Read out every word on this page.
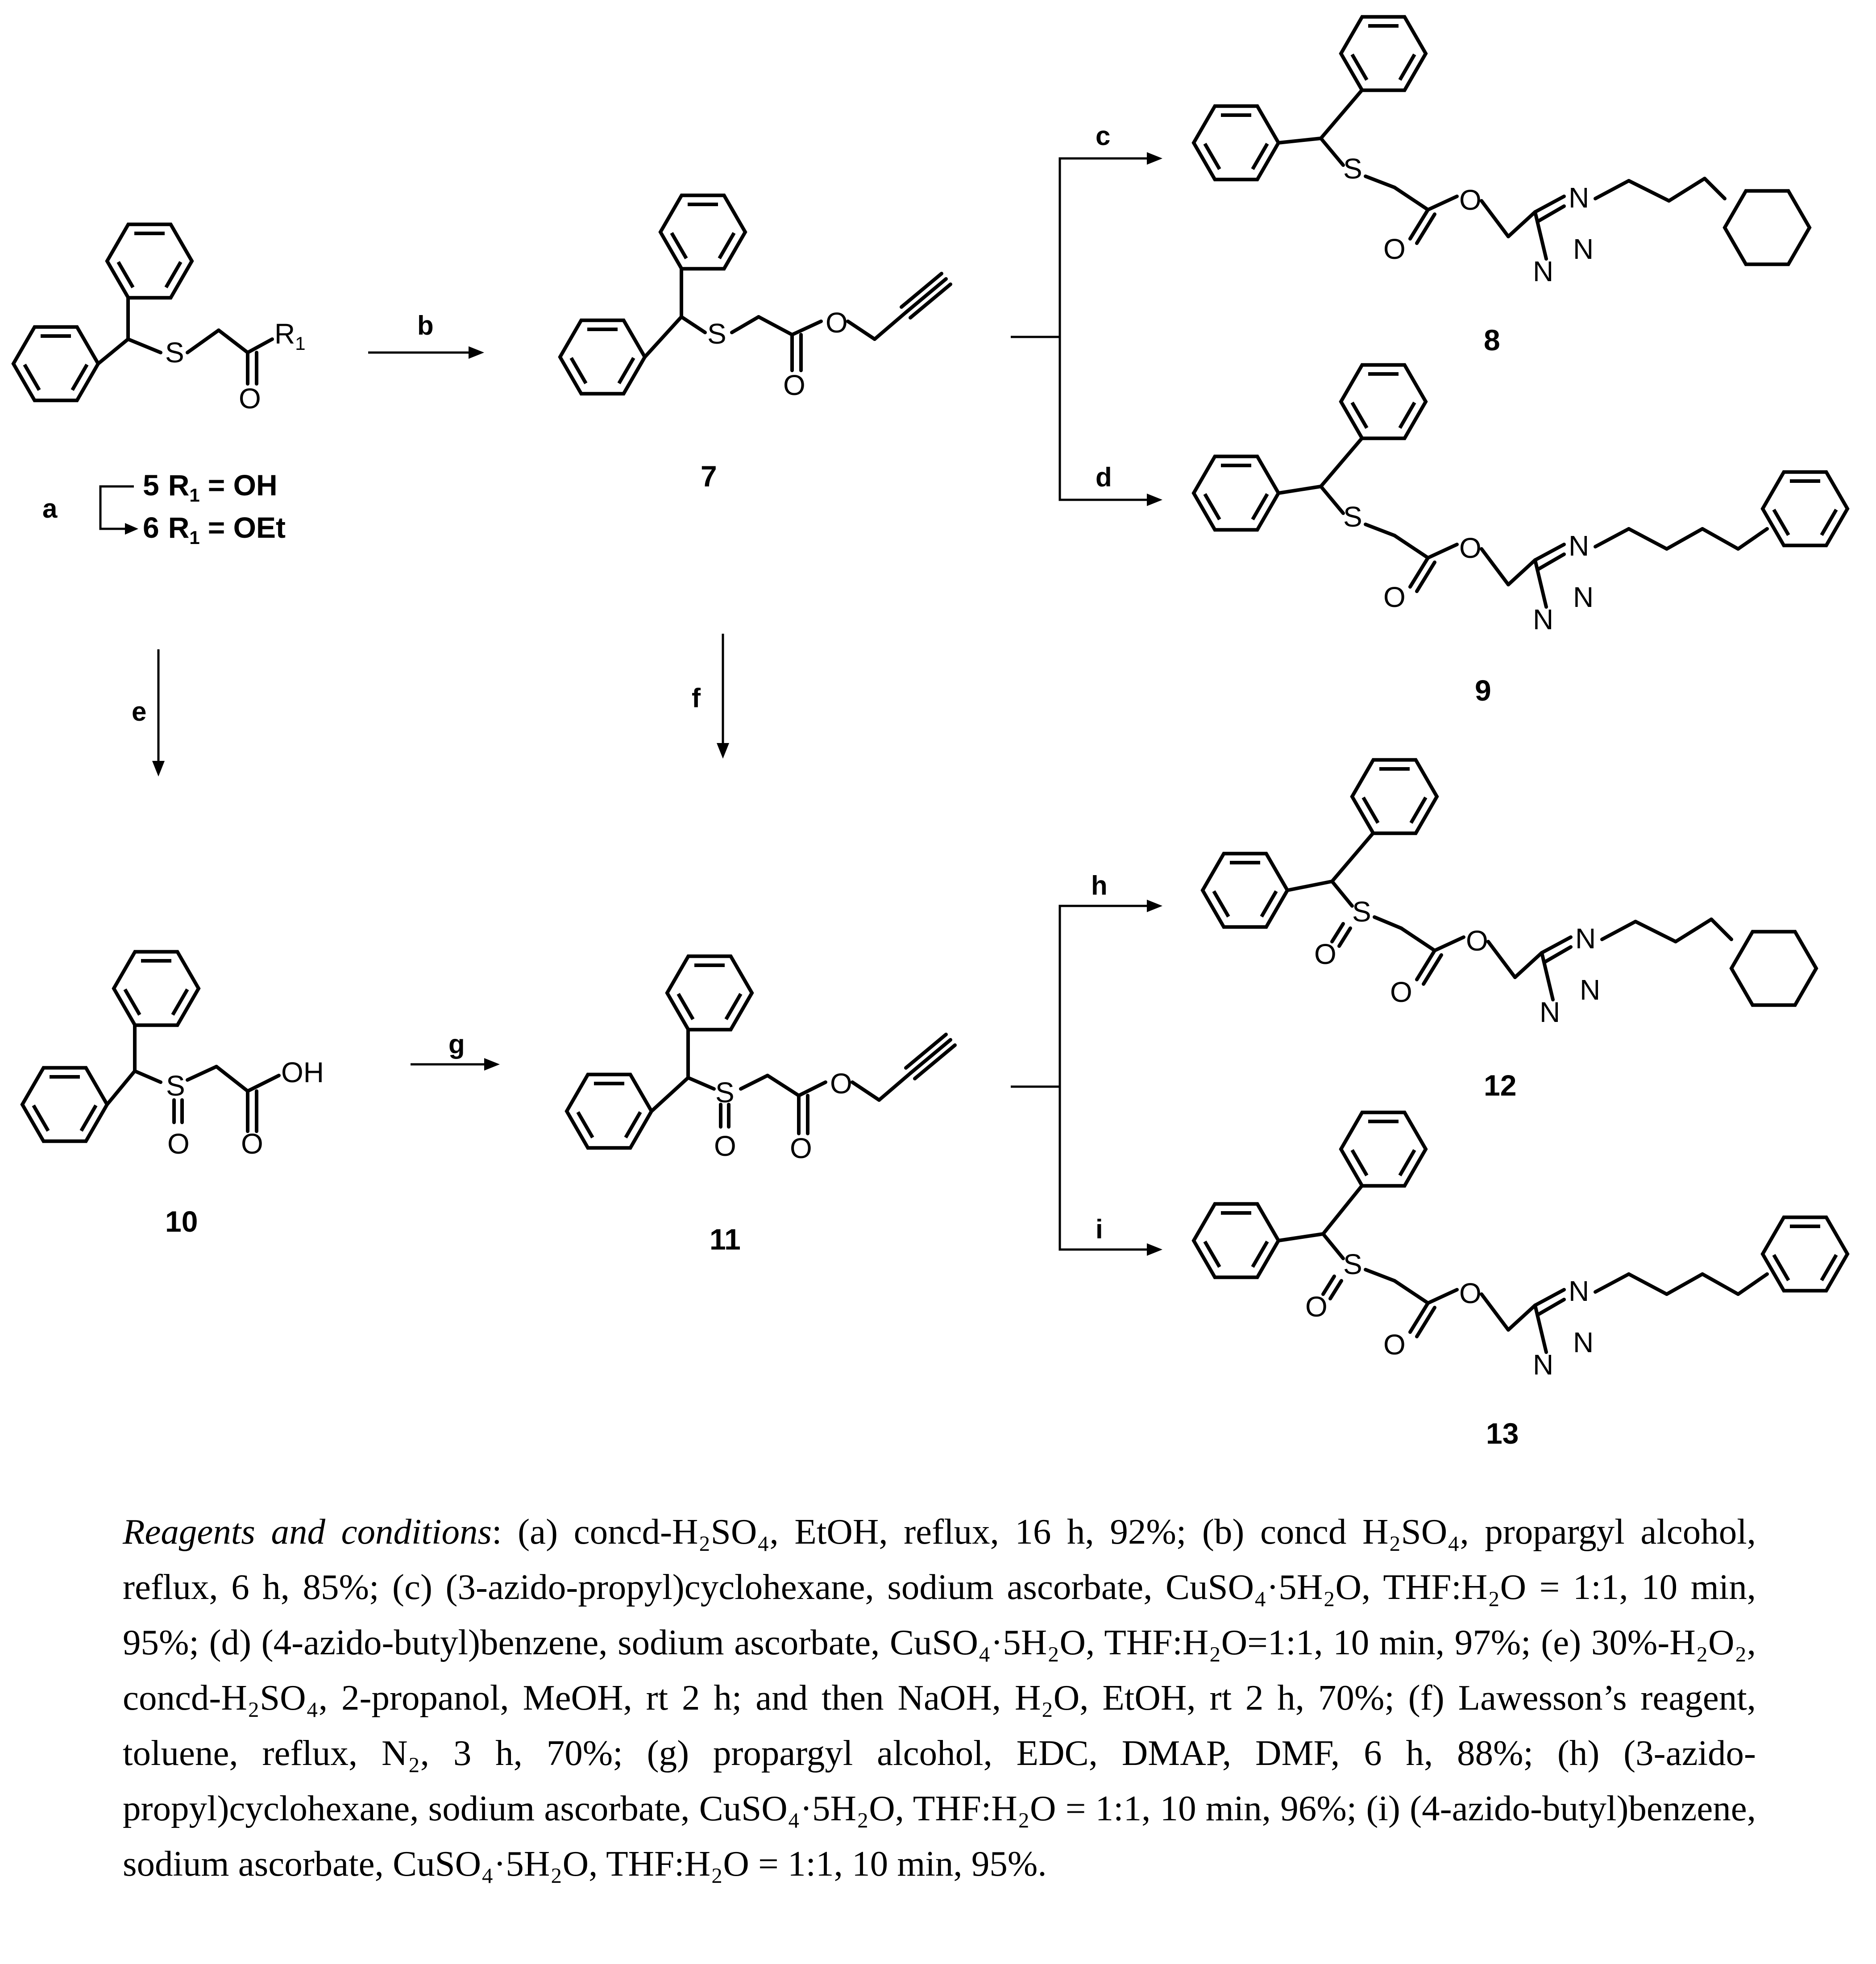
S
O
$R_1$
5 $R_1$ = OH
6 $R_1$ = OEt
a
b	S	O
O
7
c
d
S
O
O
N
N
N
8
S
O
O
N
N
N
9
e	f
S
O O
OH
10
g
S
O
O
O
11
h
i
S
O	O
O
N
N
N
12
S
O	O
O
N
N
N
13
Reagents and conditions: (a) concd-H₂SO₄, EtOH, reflux, 16 h, 92%; (b) concd H₂SO₄, propargyl alcohol, reflux, 6 h, 85%; (c) (3-azido-propyl)cyclohexane, sodium ascorbate, CuSO₄·5H₂O, THF:H₂O = 1:1, 10 min, 95%; (d) (4-azido-butyl)benzene, sodium ascorbate, CuSO₄·5H₂O, THF:H₂O=1:1, 10 min, 97%; (e) 30%-H₂O₂, concd-H₂SO₄, 2-propanol, MeOH, rt 2 h; and then NaOH, H₂O, EtOH, rt 2 h, 70%; (f) Lawesson’s reagent, toluene, reflux, N₂, 3 h, 70%; (g) propargyl alcohol, EDC, DMAP, DMF, 6 h, 88%; (h) (3-azido-propyl)cyclohexane, sodium ascorbate, CuSO₄·5H₂O, THF:H₂O = 1:1, 10 min, 96%; (i) (4-azido-butyl)benzene, sodium ascorbate, CuSO₄·5H₂O, THF:H₂O = 1:1, 10 min, 95%.
